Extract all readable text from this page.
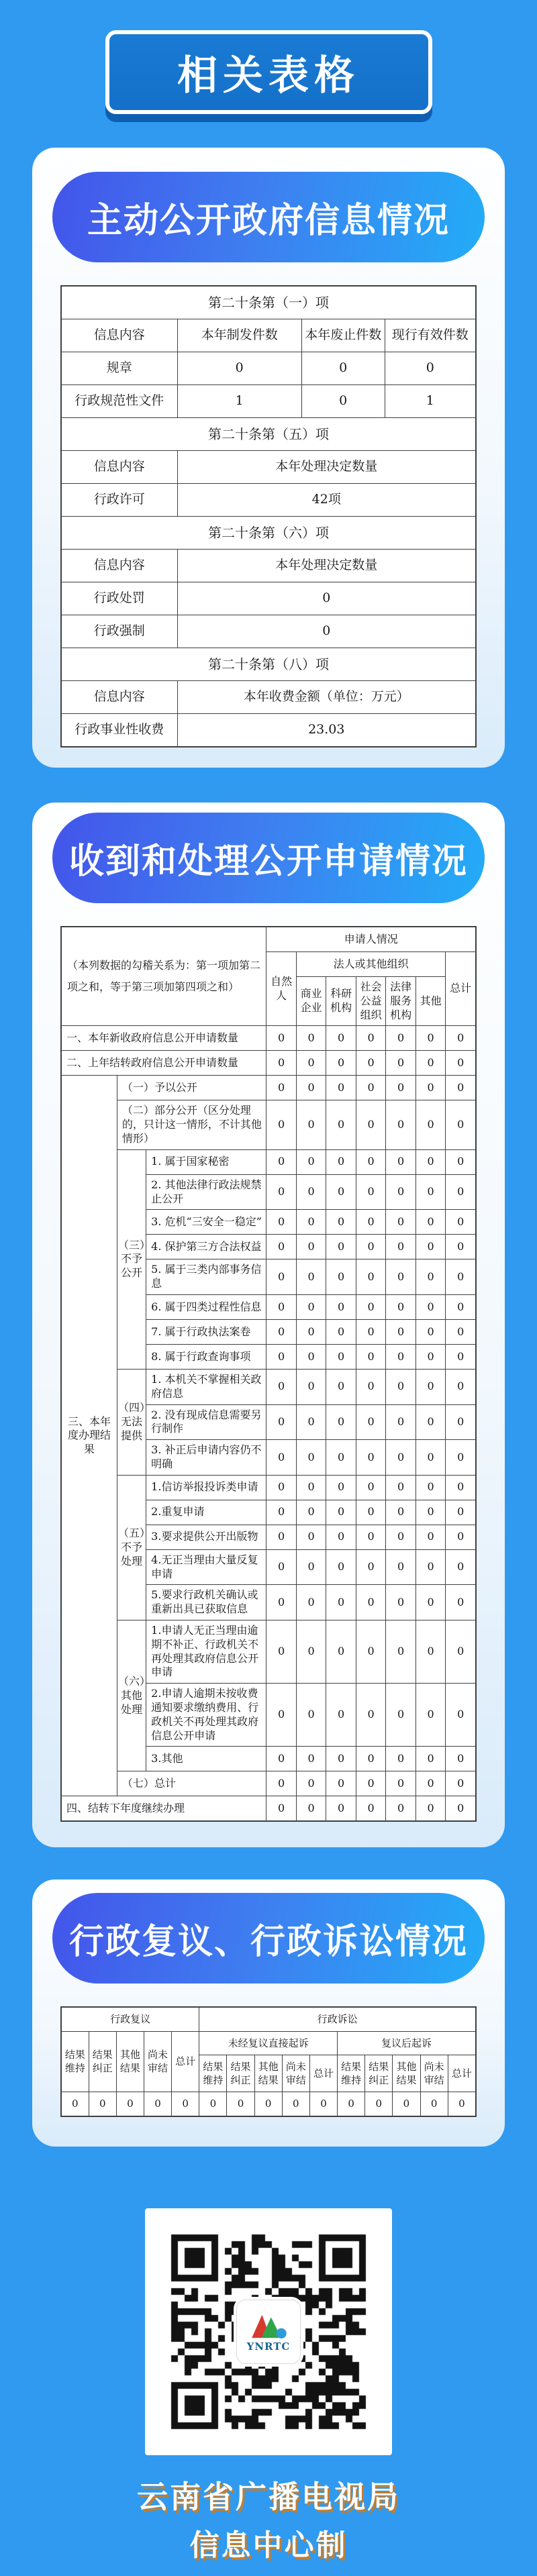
相关表格
主动公开政府信息情况
第二十条第（一）项			
信息内容	本年制发件数	本年废止件数	现行有效件数
规章	0	0	0
行政规范性文件	1	0	1
第二十条第（五）项			
信息内容	本年处理决定数量		
行政许可	42项		
第二十条第（六）项			
信息内容	本年处理决定数量		
行政处罚	0		
行政强制	0		
第二十条第（八）项			
信息内容	本年收费金额（单位：万元）		
行政事业性收费	23.03		
收到和处理公开申请情况
（本列数据的勾稽关系为：第一项加第二项之和，等于第三项加第四项之和）			申请人情况						
			自然人	法人或其他组织					总计
				商业企业	科研机构	社会公益组织	法律服务机构	其他	
一、本年新收政府信息公开申请数量			0	0	0	0	0	0	0
二、上年结转政府信息公开申请数量			0	0	0	0	0	0	0
三、本年度办理结果	（一）予以公开		0	0	0	0	0	0	0
	（二）部分公开（区分处理的，只计这一情形，不计其他情形）		0	0	0	0	0	0	0
	（三）不予公开	1. 属于国家秘密	0	0	0	0	0	0	0
		2. 其他法律行政法规禁止公开	0	0	0	0	0	0	0
		3. 危机“三安全一稳定”	0	0	0	0	0	0	0
		4. 保护第三方合法权益	0	0	0	0	0	0	0
		5. 属于三类内部事务信息	0	0	0	0	0	0	0
		6. 属于四类过程性信息	0	0	0	0	0	0	0
		7. 属于行政执法案卷	0	0	0	0	0	0	0
		8. 属于行政查询事项	0	0	0	0	0	0	0
	（四）无法提供	1. 本机关不掌握相关政府信息	0	0	0	0	0	0	0
		2. 没有现成信息需要另行制作	0	0	0	0	0	0	0
		3. 补正后申请内容仍不明确	0	0	0	0	0	0	0
	（五）不予处理	1.信访举报投诉类申请	0	0	0	0	0	0	0
		2.重复申请	0	0	0	0	0	0	0
		3.要求提供公开出版物	0	0	0	0	0	0	0
		4.无正当理由大量反复申请	0	0	0	0	0	0	0
		5.要求行政机关确认或重新出具已获取信息	0	0	0	0	0	0	0
	（六）其他处理	1.申请人无正当理由逾期不补正、行政机关不再处理其政府信息公开申请	0	0	0	0	0	0	0
		2.申请人逾期未按收费通知要求缴纳费用、行政机关不再处理其政府信息公开申请	0	0	0	0	0	0	0
		3.其他	0	0	0	0	0	0	0
	（七）总计		0	0	0	0	0	0	0
四、结转下年度继续办理			0	0	0	0	0	0	0
行政复议、行政诉讼情况
行政复议					行政诉讼									
结果维持	结果纠正	其他结果	尚未审结	总计	未经复议直接起诉					复议后起诉				
					结果维持	结果纠正	其他结果	尚未审结	总计	结果维持	结果纠正	其他结果	尚未审结	总计
0	0	0	0	0	0	0	0	0	0	0	0	0	0	0
YNRTC
云南省广播电视局
信息中心制
